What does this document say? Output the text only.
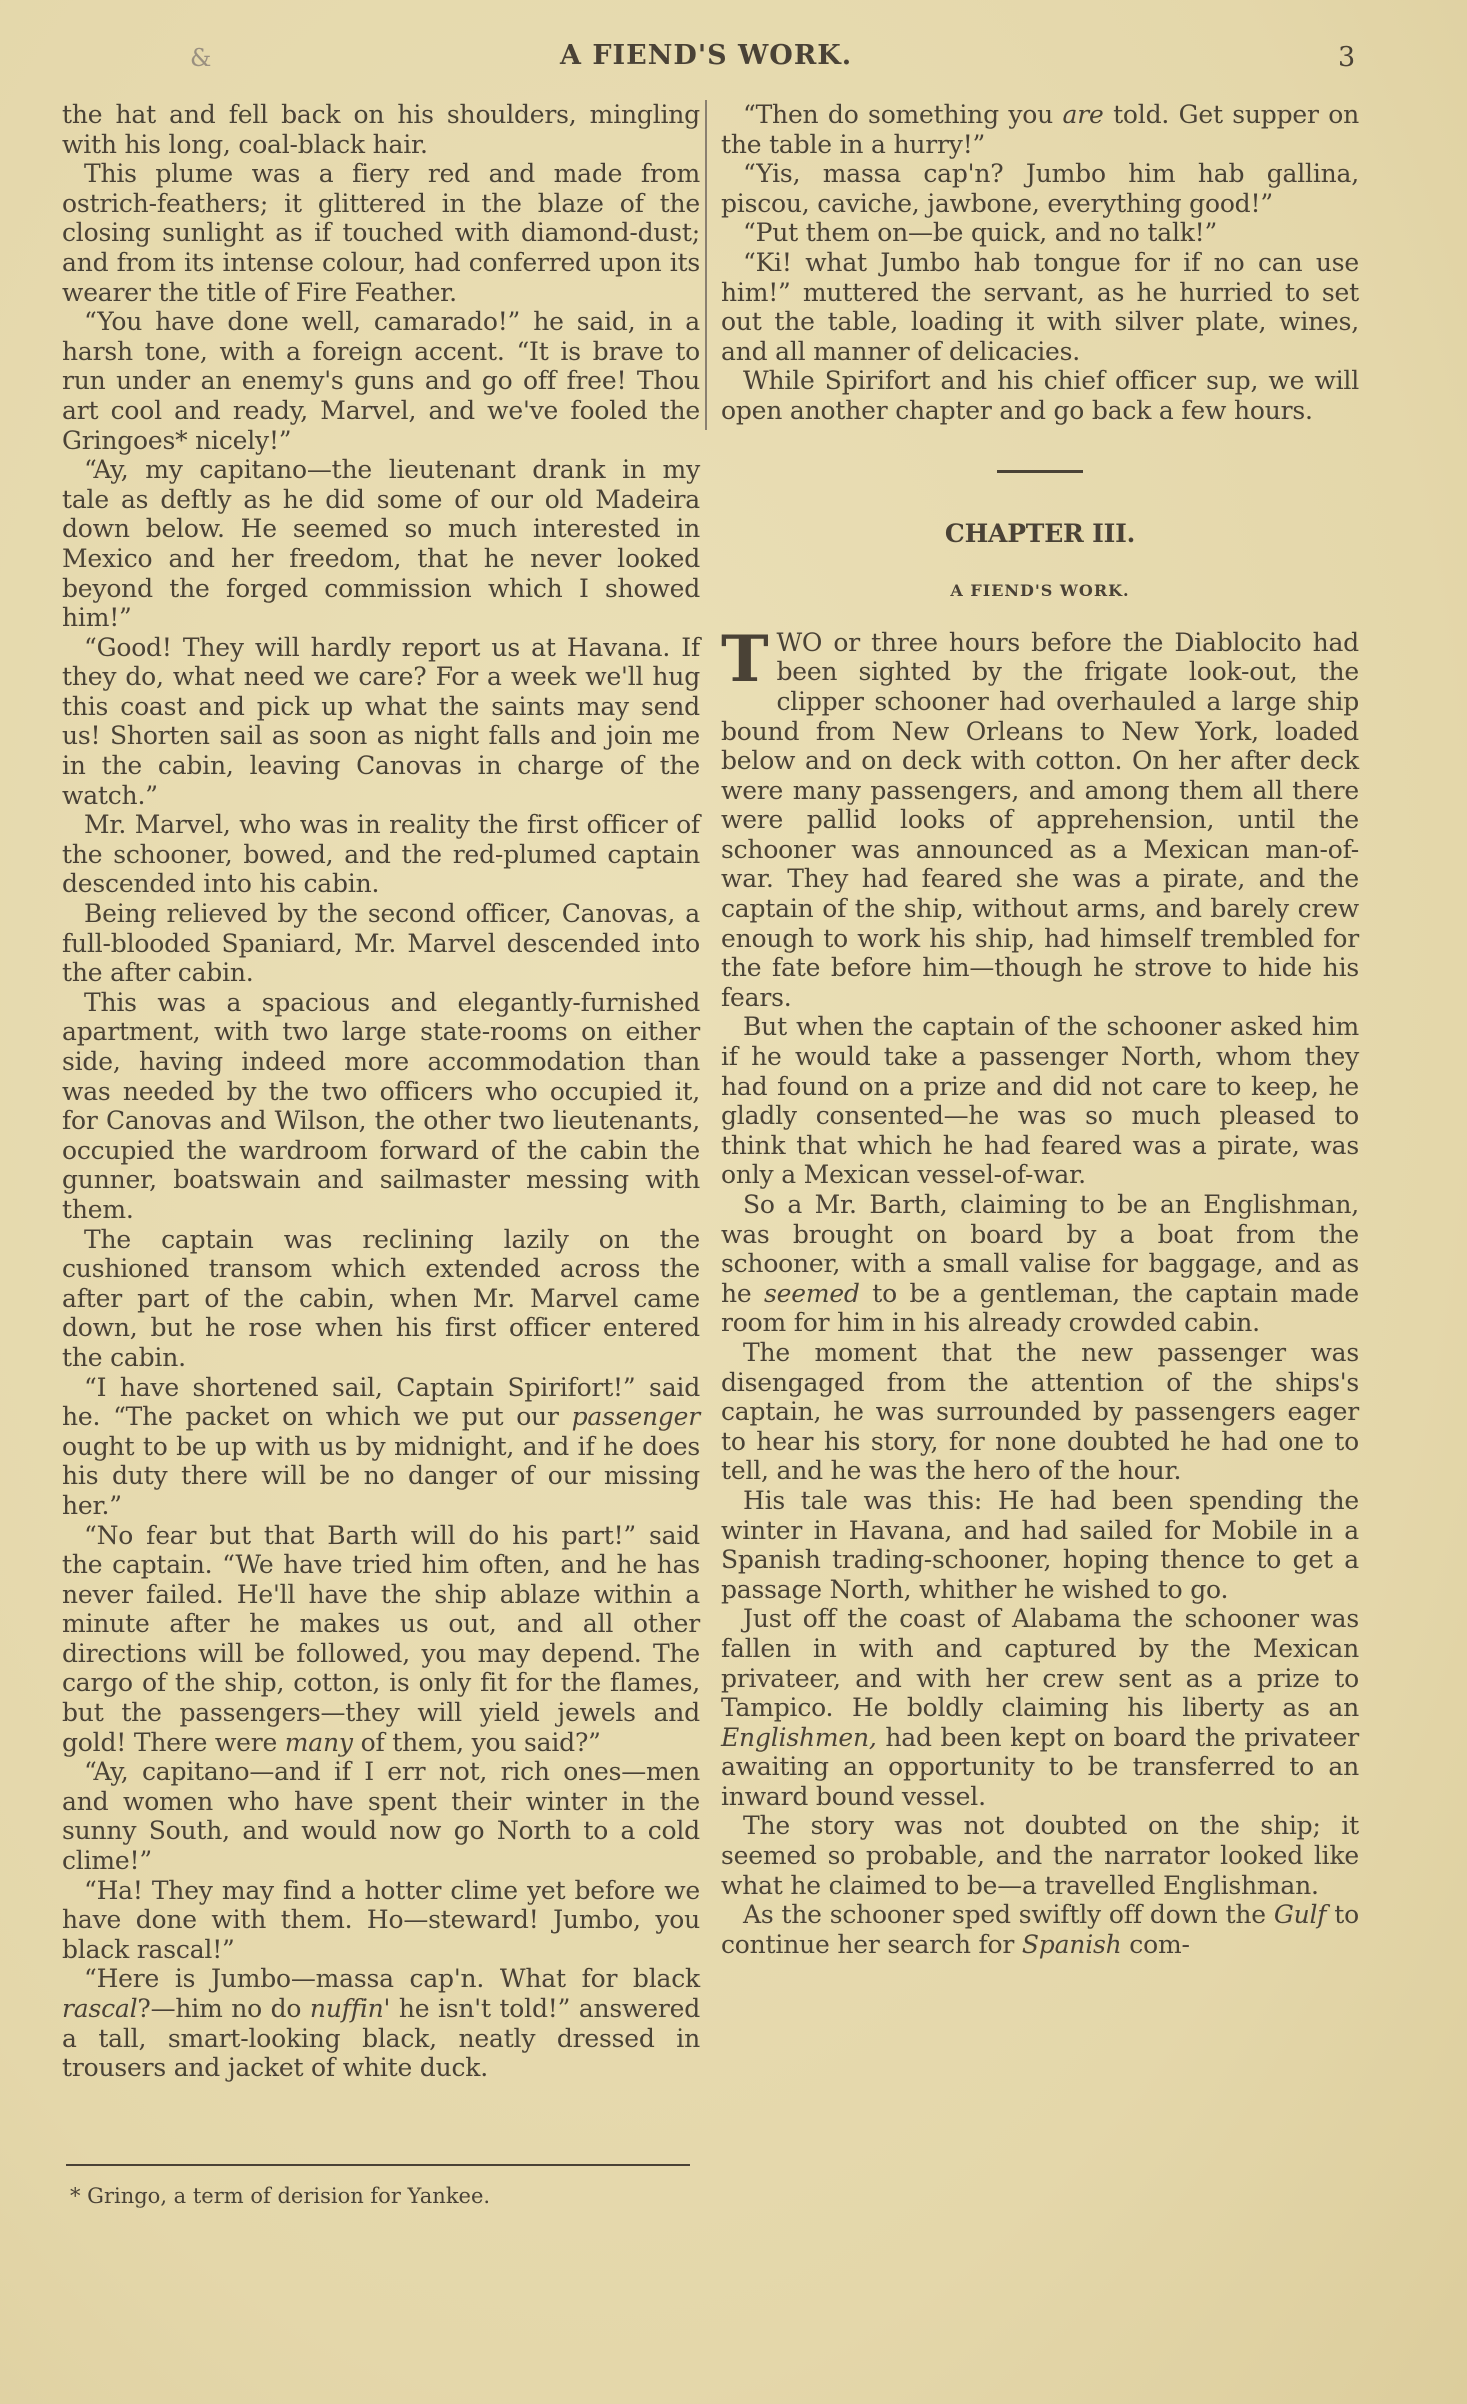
&	A FIEND'S WORK.	3

the hat and fell back on his shoulders, mingling with his long, coal-black hair.

This plume was a fiery red and made from ostrich-feathers; it glittered in the blaze of the closing sunlight as if touched with diamond-dust; and from its intense colour, had conferred upon its wearer the title of Fire Feather.

“You have done well, camarado!” he said, in a harsh tone, with a foreign accent. “It is brave to run under an enemy's guns and go off free! Thou art cool and ready, Marvel, and we've fooled the Gringoes* nicely!”

“Ay, my capitano—the lieutenant drank in my tale as deftly as he did some of our old Madeira down below. He seemed so much interested in Mexico and her freedom, that he never looked beyond the forged commission which I showed him!”

“Good! They will hardly report us at Havana. If they do, what need we care? For a week we'll hug this coast and pick up what the saints may send us! Shorten sail as soon as night falls and join me in the cabin, leaving Canovas in charge of the watch.”

Mr. Marvel, who was in reality the first officer of the schooner, bowed, and the red-plumed captain descended into his cabin.

Being relieved by the second officer, Canovas, a full-blooded Spaniard, Mr. Marvel descended into the after cabin.

This was a spacious and elegantly-furnished apartment, with two large state-rooms on either side, having indeed more accommodation than was needed by the two officers who occupied it, for Canovas and Wilson, the other two lieutenants, occupied the wardroom forward of the cabin the gunner, boatswain and sailmaster messing with them.

The captain was reclining lazily on the cushioned transom which extended across the after part of the cabin, when Mr. Marvel came down, but he rose when his first officer entered the cabin.

“I have shortened sail, Captain Spirifort!” said he. “The packet on which we put our passenger ought to be up with us by midnight, and if he does his duty there will be no danger of our missing her.”

“No fear but that Barth will do his part!” said the captain. “We have tried him often, and he has never failed. He'll have the ship ablaze within a minute after he makes us out, and all other directions will be followed, you may depend. The cargo of the ship, cotton, is only fit for the flames, but the passengers—they will yield jewels and gold! There were many of them, you said?”

“Ay, capitano—and if I err not, rich ones—men and women who have spent their winter in the sunny South, and would now go North to a cold clime!”

“Ha! They may find a hotter clime yet before we have done with them. Ho—steward! Jumbo, you black rascal!”

“Here is Jumbo—massa cap'n. What for black rascal?—him no do nuffin' he isn't told!” answered a tall, smart-looking black, neatly dressed in trousers and jacket of white duck.

“Then do something you are told. Get supper on the table in a hurry!”

“Yis, massa cap'n? Jumbo him hab gallina, piscou, caviche, jawbone, everything good!”

“Put them on—be quick, and no talk!”

“Ki! what Jumbo hab tongue for if no can use him!” muttered the servant, as he hurried to set out the table, loading it with silver plate, wines, and all manner of delicacies.

While Spirifort and his chief officer sup, we will open another chapter and go back a few hours.

CHAPTER III.
A FIEND'S WORK.

TWO or three hours before the Diablocito had been sighted by the frigate look-out, the clipper schooner had overhauled a large ship bound from New Orleans to New York, loaded below and on deck with cotton. On her after deck were many passengers, and among them all there were pallid looks of apprehension, until the schooner was announced as a Mexican man-of-war. They had feared she was a pirate, and the captain of the ship, without arms, and barely crew enough to work his ship, had himself trembled for the fate before him—though he strove to hide his fears.

But when the captain of the schooner asked him if he would take a passenger North, whom they had found on a prize and did not care to keep, he gladly consented—he was so much pleased to think that which he had feared was a pirate, was only a Mexican vessel-of-war.

So a Mr. Barth, claiming to be an Englishman, was brought on board by a boat from the schooner, with a small valise for baggage, and as he seemed to be a gentleman, the captain made room for him in his already crowded cabin.

The moment that the new passenger was disengaged from the attention of the ships's captain, he was surrounded by passengers eager to hear his story, for none doubted he had one to tell, and he was the hero of the hour.

His tale was this: He had been spending the winter in Havana, and had sailed for Mobile in a Spanish trading-schooner, hoping thence to get a passage North, whither he wished to go.

Just off the coast of Alabama the schooner was fallen in with and captured by the Mexican privateer, and with her crew sent as a prize to Tampico. He boldly claiming his liberty as an Englishmen, had been kept on board the privateer awaiting an opportunity to be transferred to an inward bound vessel.

The story was not doubted on the ship; it seemed so probable, and the narrator looked like what he claimed to be—a travelled Englishman.

As the schooner sped swiftly off down the Gulf to continue her search for Spanish com-

* Gringo, a term of derision for Yankee.
